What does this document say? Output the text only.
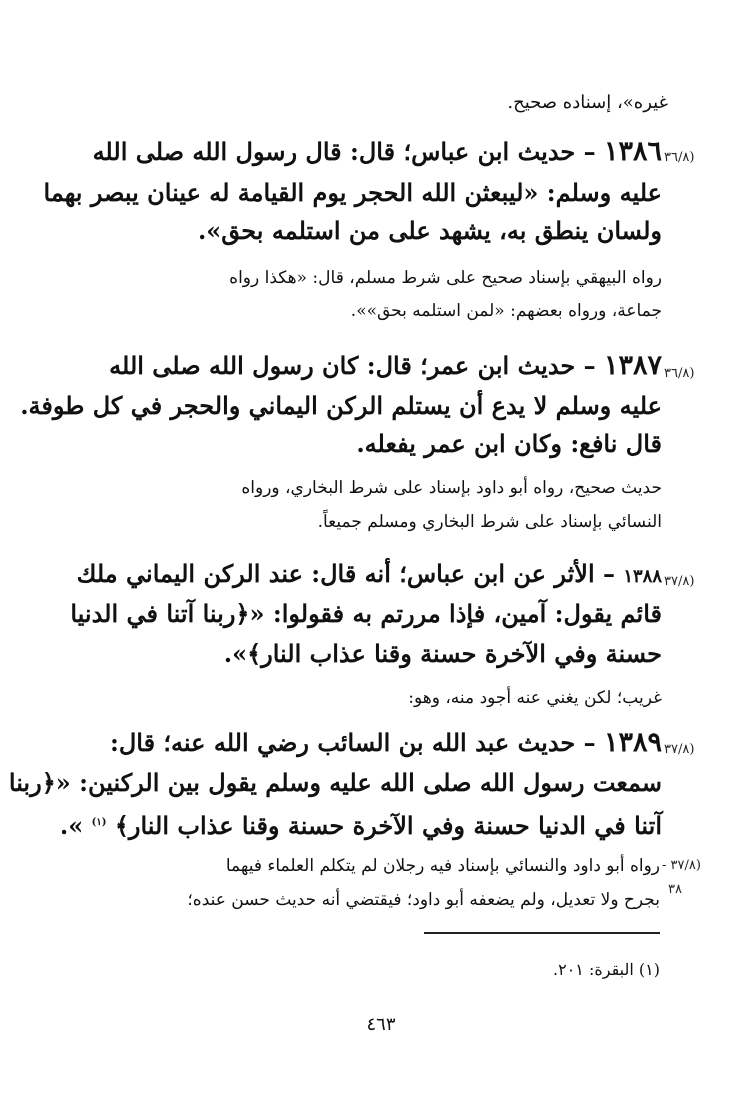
غيره»، إسناده صحيح.
(٣٦/٨
١٣٨٦ – حديث ابن عباس؛ قال: قال رسول الله صلى الله
عليه وسلم: «ليبعثن الله الحجر يوم القيامة له عينان يبصر بهما
ولسان ينطق به، يشهد على من استلمه بحق».
رواه البيهقي بإسناد صحيح على شرط مسلم، قال: «هكذا رواه
جماعة، ورواه بعضهم: «لمن استلمه بحق»».
(٣٦/٨
١٣٨٧ – حديث ابن عمر؛ قال: كان رسول الله صلى الله
عليه وسلم لا يدع أن يستلم الركن اليماني والحجر في كل طوفة.
قال نافع: وكان ابن عمر يفعله.
حديث صحيح، رواه أبو داود بإسناد على شرط البخاري، ورواه
النسائي بإسناد على شرط البخاري ومسلم جميعاً.
(٣٧/٨
١٣٨٨ – الأثر عن ابن عباس؛ أنه قال: عند الركن اليماني ملك
قائم يقول: آمين، فإذا مررتم به فقولوا: «﴿ربنا آتنا في الدنيا
حسنة وفي الآخرة حسنة وقنا عذاب النار﴾».
غريب؛ لكن يغني عنه أجود منه، وهو:
(٣٧/٨
١٣٨٩ – حديث عبد الله بن السائب رضي الله عنه؛ قال:
سمعت رسول الله صلى الله عليه وسلم يقول بين الركنين: «﴿ربنا
آتنا في الدنيا حسنة وفي الآخرة حسنة وقنا عذاب النار﴾ $^{(١)}$ ».
(٣٧/٨ -
٣٨
رواه أبو داود والنسائي بإسناد فيه رجلان لم يتكلم العلماء فيهما
بجرح ولا تعديل، ولم يضعفه أبو داود؛ فيقتضي أنه حديث حسن عنده؛
(١) البقرة: ٢٠١.
٤٦٣
